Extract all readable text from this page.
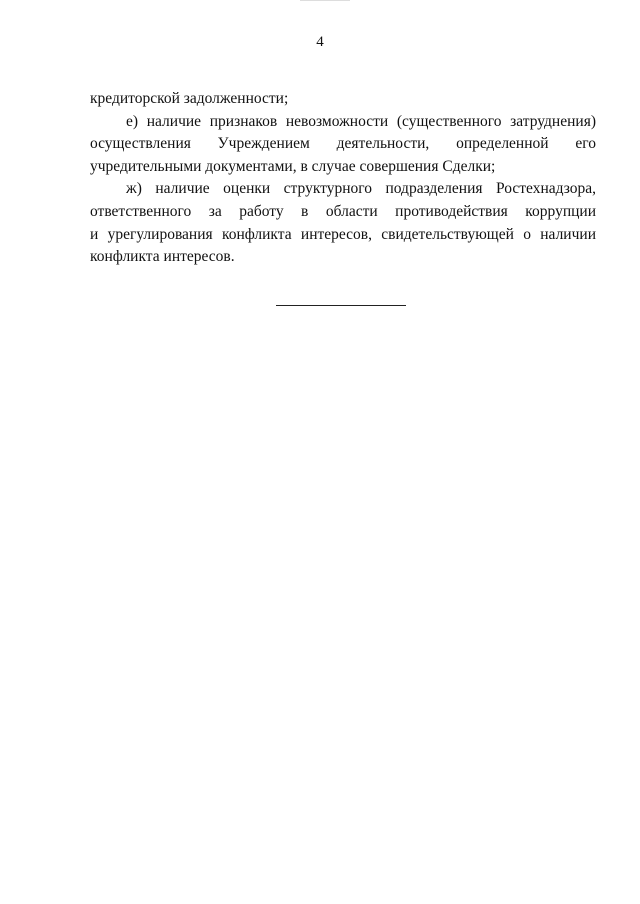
4
кредиторской задолженности;
е) наличие признаков невозможности (существенного затруднения)
осуществления Учреждением деятельности, определенной его
учредительными документами, в случае совершения Сделки;
ж) наличие оценки структурного подразделения Ростехнадзора,
ответственного за работу в области противодействия коррупции
и урегулирования конфликта интересов, свидетельствующей о наличии
конфликта интересов.
